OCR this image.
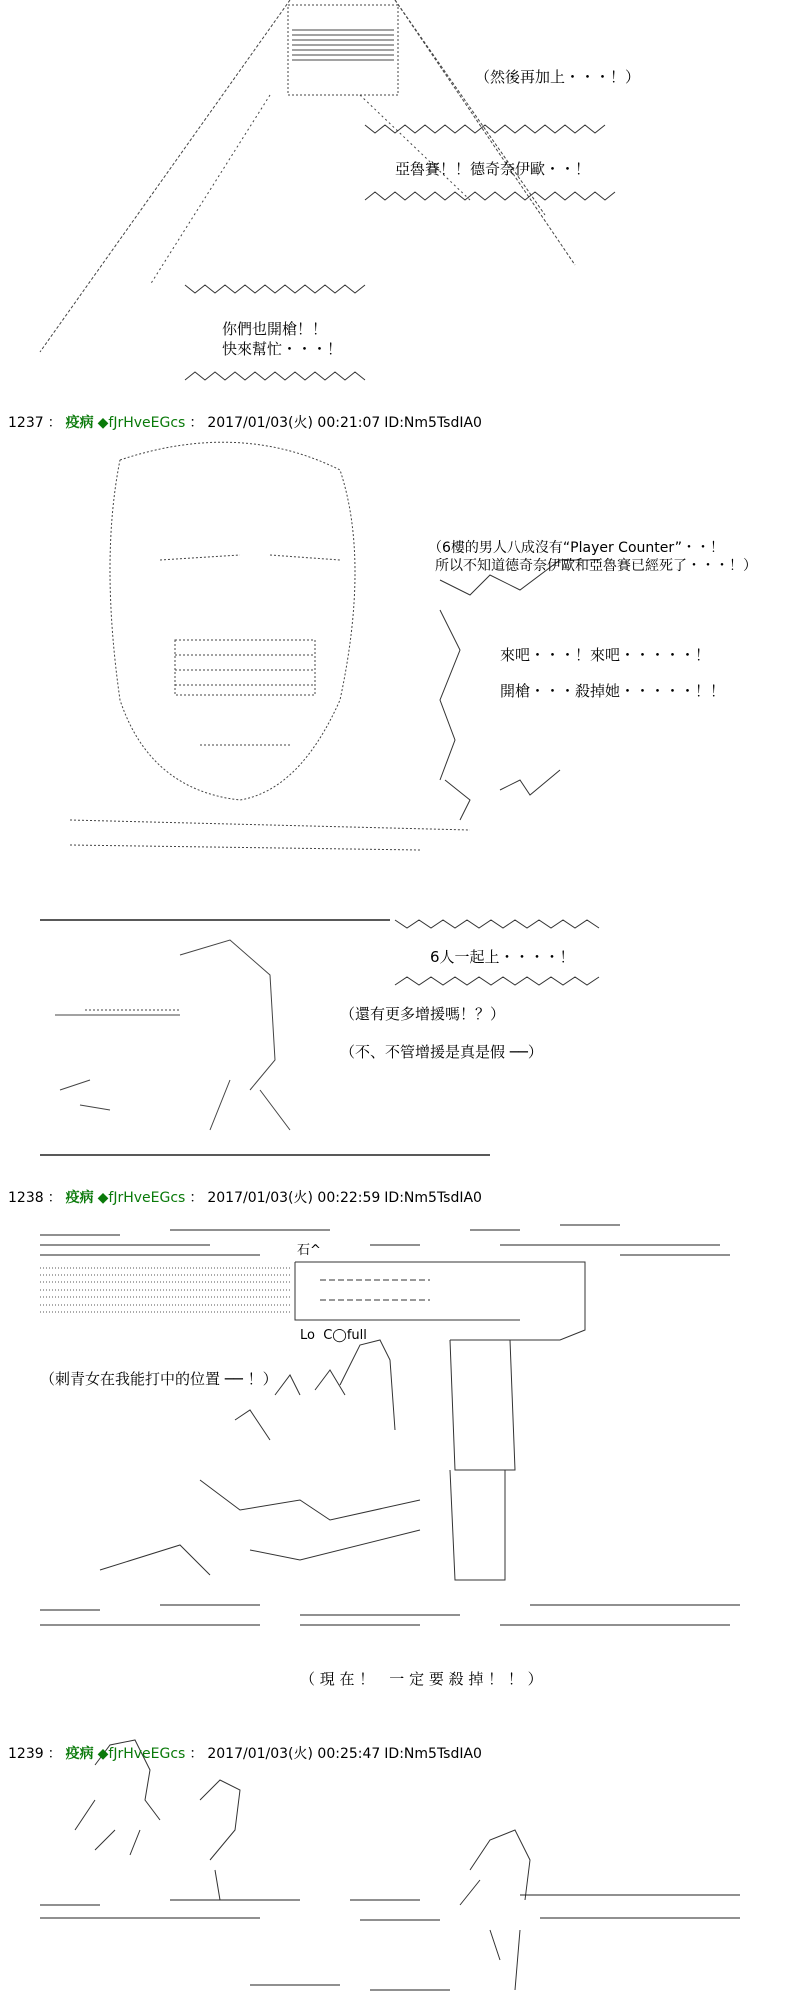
（然後再加上・・・！）
亞魯賽！！德奇奈伊歐・・！
你們也開槍！！
快來幫忙・・・！
1237 ： 疫病 ◆fJrHveEGcs ： 2017/01/03(火) 00:21:07 ID:Nm5TsdIA0
（6樓的男人八成沒有“Player Counter”・・！
所以不知道德奇奈伊歐和亞魯賽已經死了・・・！）
來吧・・・！來吧・・・・・！
開槍・・・殺掉她・・・・・！！
6人一起上・・・・！
（還有更多增援嗎！？）
（不、不管增援是真是假 ──）
1238 ： 疫病 ◆fJrHveEGcs ： 2017/01/03(火) 00:22:59 ID:Nm5TsdIA0
石^
Lo  C◯full
（刺青女在我能打中的位置 ── ！）
（ 現 在 ！　一 定 要 殺 掉 ！ ！ ）
1239 ： 疫病 ◆fJrHveEGcs ： 2017/01/03(火) 00:25:47 ID:Nm5TsdIA0
